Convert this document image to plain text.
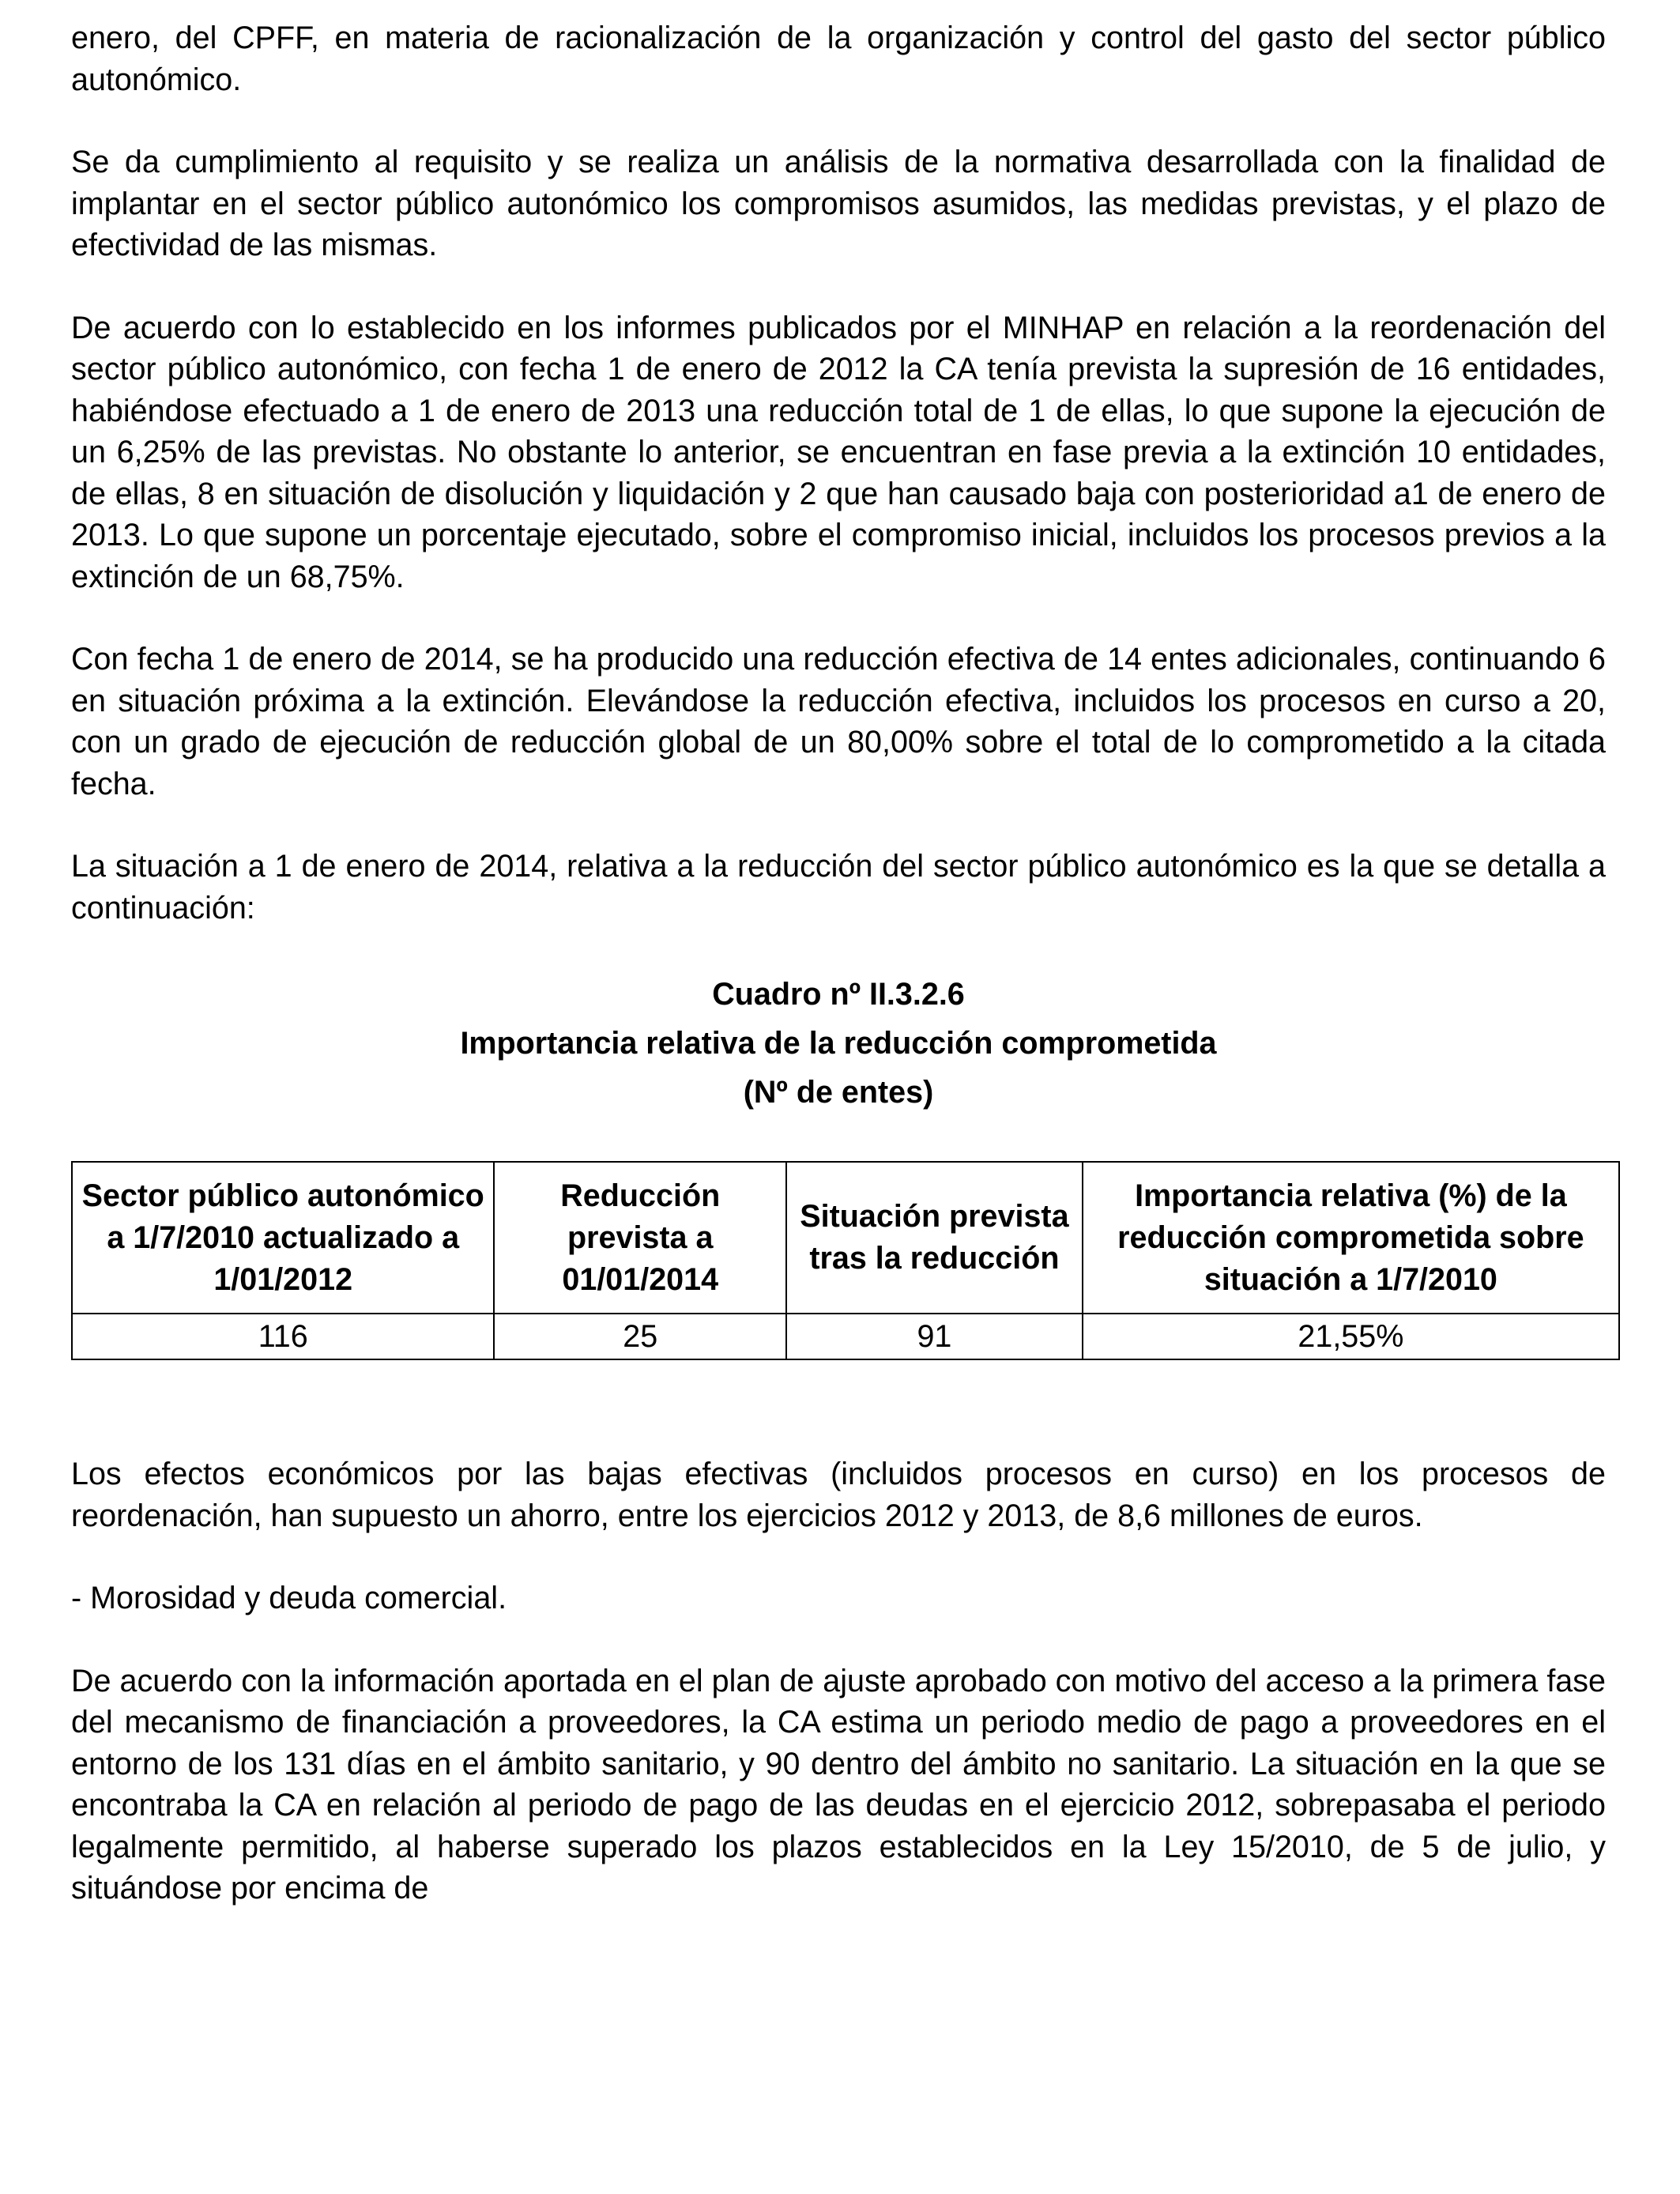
enero, del CPFF, en materia de racionalización de la organización y control del gasto del sector público autonómico.

Se da cumplimiento al requisito y se realiza un análisis de la normativa desarrollada con la finalidad de implantar en el sector público autonómico los compromisos asumidos, las medidas previstas, y el plazo de efectividad de las mismas.

De acuerdo con lo establecido en los informes publicados por el MINHAP en relación a la reordenación del sector público autonómico, con fecha 1 de enero de 2012 la CA tenía prevista la supresión de 16 entidades, habiéndose efectuado a 1 de enero de 2013 una reducción total de 1 de ellas, lo que supone la ejecución de un 6,25% de las previstas. No obstante lo anterior, se encuentran en fase previa a la extinción 10 entidades, de ellas, 8 en situación de disolución y liquidación y 2 que han causado baja con posterioridad a1 de enero de 2013. Lo que supone un porcentaje ejecutado, sobre el compromiso inicial, incluidos los procesos previos a la extinción de un 68,75%.

Con fecha 1 de enero de 2014, se ha producido una reducción efectiva de 14 entes adicionales, continuando 6 en situación próxima a la extinción. Elevándose la reducción efectiva, incluidos los procesos en curso a 20, con un grado de ejecución de reducción global de un 80,00% sobre el total de lo comprometido a la citada fecha.

La situación a 1 de enero de 2014, relativa a la reducción del sector público autonómico es la que se detalla a continuación:

Cuadro nº II.3.2.6
Importancia relativa de la reducción comprometida
(Nº de entes)
Sector público autonómico a 1/7/2010 actualizado a 1/01/2012	Reducción prevista a 01/01/2014	Situación prevista tras la reducción	Importancia relativa (%) de la reducción comprometida sobre situación a 1/7/2010
116	25	91	21,55%

Los efectos económicos por las bajas efectivas (incluidos procesos en curso) en los procesos de reordenación, han supuesto un ahorro, entre los ejercicios 2012 y 2013, de 8,6 millones de euros.

- Morosidad y deuda comercial.

De acuerdo con la información aportada en el plan de ajuste aprobado con motivo del acceso a la primera fase del mecanismo de financiación a proveedores, la CA estima un periodo medio de pago a proveedores en el entorno de los 131 días en el ámbito sanitario, y 90 dentro del ámbito no sanitario. La situación en la que se encontraba la CA en relación al periodo de pago de las deudas en el ejercicio 2012, sobrepasaba el periodo legalmente permitido, al haberse superado los plazos establecidos en la Ley 15/2010, de 5 de julio, y situándose por encima de
